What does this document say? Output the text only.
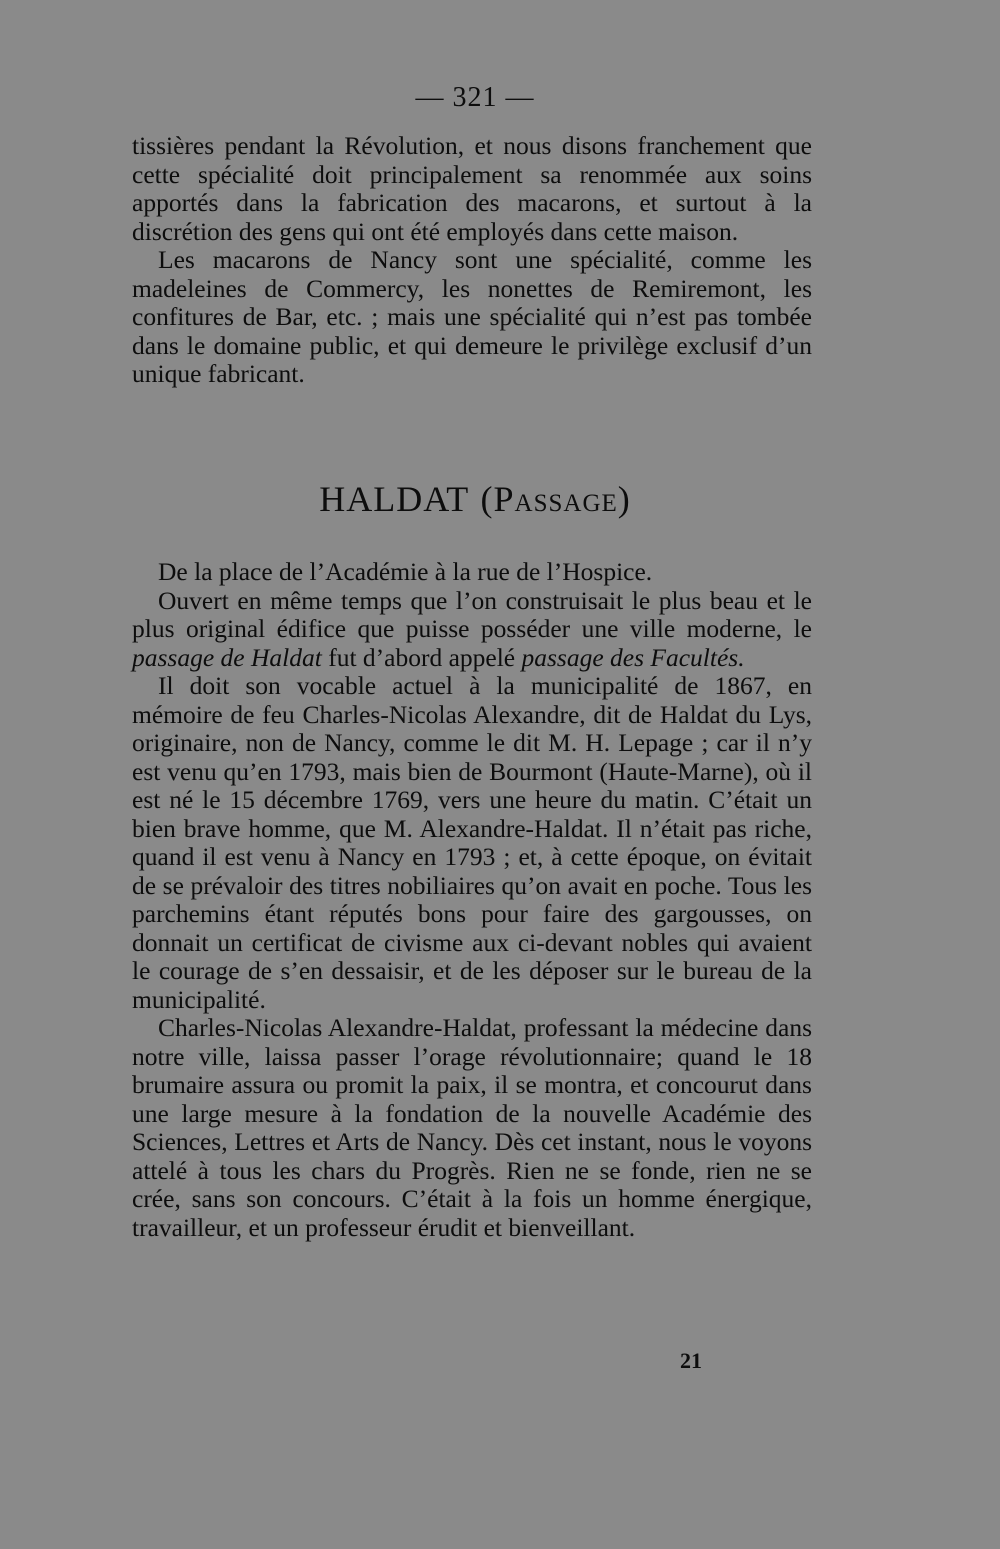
— 321 —

tissières pendant la Révolution, et nous disons franchement que cette spécialité doit principalement sa renommée aux soins apportés dans la fabrication des macarons, et surtout à la discrétion des gens qui ont été employés dans cette maison.

Les macarons de Nancy sont une spécialité, comme les madeleines de Commercy, les nonettes de Remiremont, les confitures de Bar, etc. ; mais une spécialité qui n’est pas tombée dans le domaine public, et qui demeure le privilège exclusif d’un unique fabricant.

HALDAT (Passage)

De la place de l’Académie à la rue de l’Hospice.

Ouvert en même temps que l’on construisait le plus beau et le plus original édifice que puisse posséder une ville moderne, le passage de Haldat fut d’abord appelé passage des Facultés.

Il doit son vocable actuel à la municipalité de 1867, en mémoire de feu Charles-Nicolas Alexandre, dit de Haldat du Lys, originaire, non de Nancy, comme le dit M. H. Lepage ; car il n’y est venu qu’en 1793, mais bien de Bourmont (Haute-Marne), où il est né le 15 décembre 1769, vers une heure du matin. C’était un bien brave homme, que M. Alexandre-Haldat. Il n’était pas riche, quand il est venu à Nancy en 1793 ; et, à cette époque, on évitait de se prévaloir des titres nobiliaires qu’on avait en poche. Tous les parchemins étant réputés bons pour faire des gargousses, on donnait un certificat de civisme aux ci-devant nobles qui avaient le courage de s’en dessaisir, et de les déposer sur le bureau de la municipalité.

Charles-Nicolas Alexandre-Haldat, professant la médecine dans notre ville, laissa passer l’orage révolutionnaire; quand le 18 brumaire assura ou promit la paix, il se montra, et concourut dans une large mesure à la fondation de la nouvelle Académie des Sciences, Lettres et Arts de Nancy. Dès cet instant, nous le voyons attelé à tous les chars du Progrès. Rien ne se fonde, rien ne se crée, sans son concours. C’était à la fois un homme énergique, travailleur, et un professeur érudit et bienveillant.

21
